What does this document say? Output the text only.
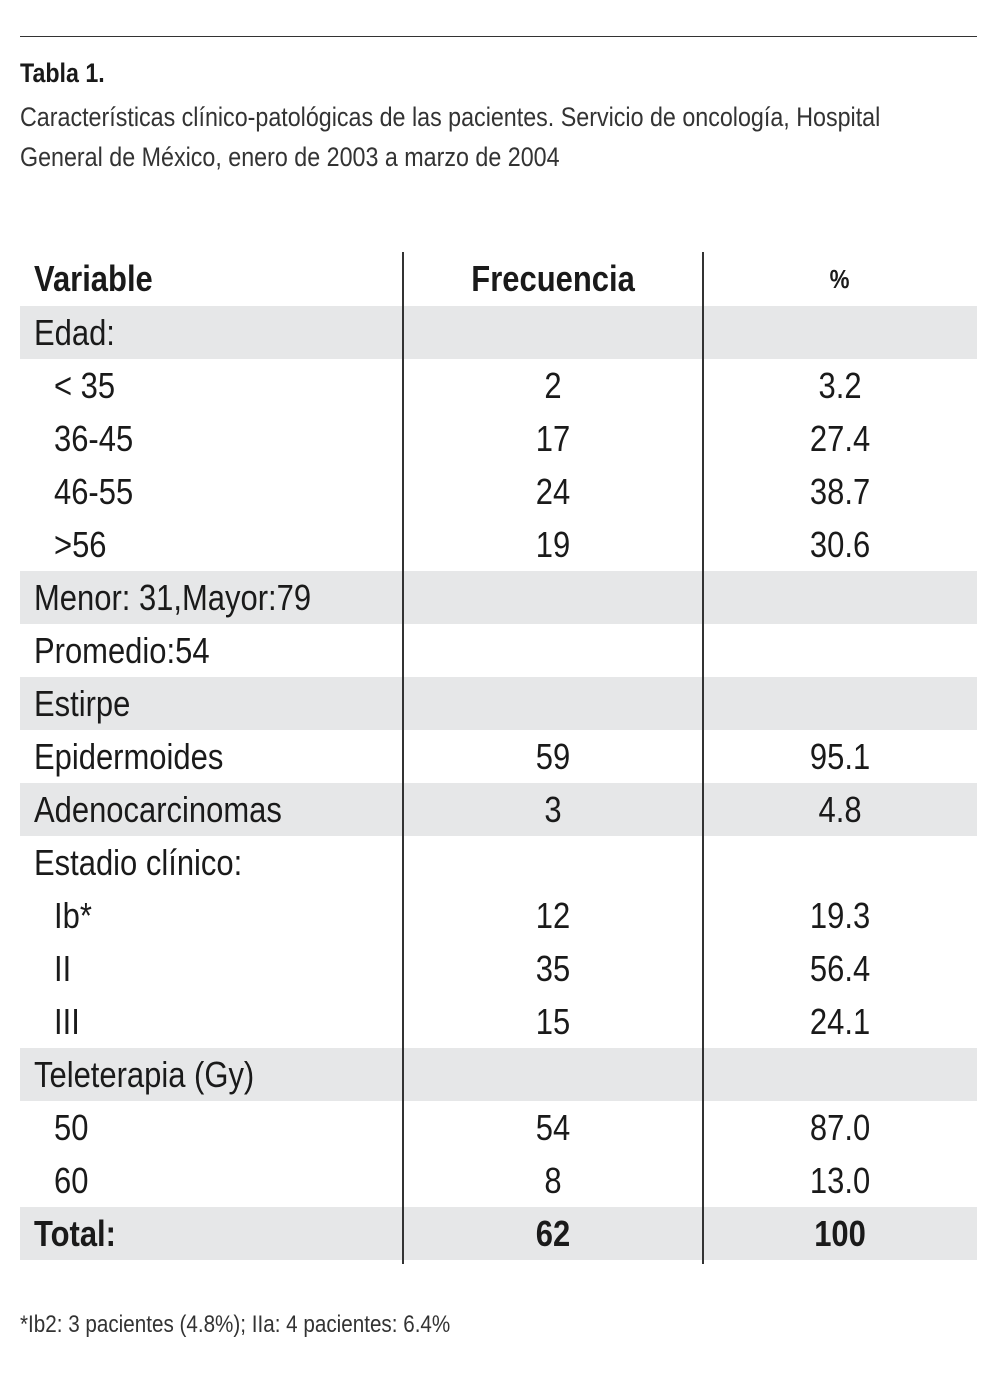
Tabla 1.
Características clínico-patológicas de las pacientes. Servicio de oncología, Hospital
General de México, enero de 2003 a marzo de 2004
Variable	Frecuencia	%
Edad:
< 35	2	3.2
36-45	17	27.4
46-55	24	38.7
>56	19	30.6
Menor: 31,Mayor:79
Promedio:54
Estirpe
Epidermoides	59	95.1
Adenocarcinomas	3	4.8
Estadio clínico:
Ib*	12	19.3
II	35	56.4
III	15	24.1
Teleterapia (Gy)
50	54	87.0
60	8	13.0
Total:	62	100
*Ib2: 3 pacientes (4.8%); IIa: 4 pacientes: 6.4%
